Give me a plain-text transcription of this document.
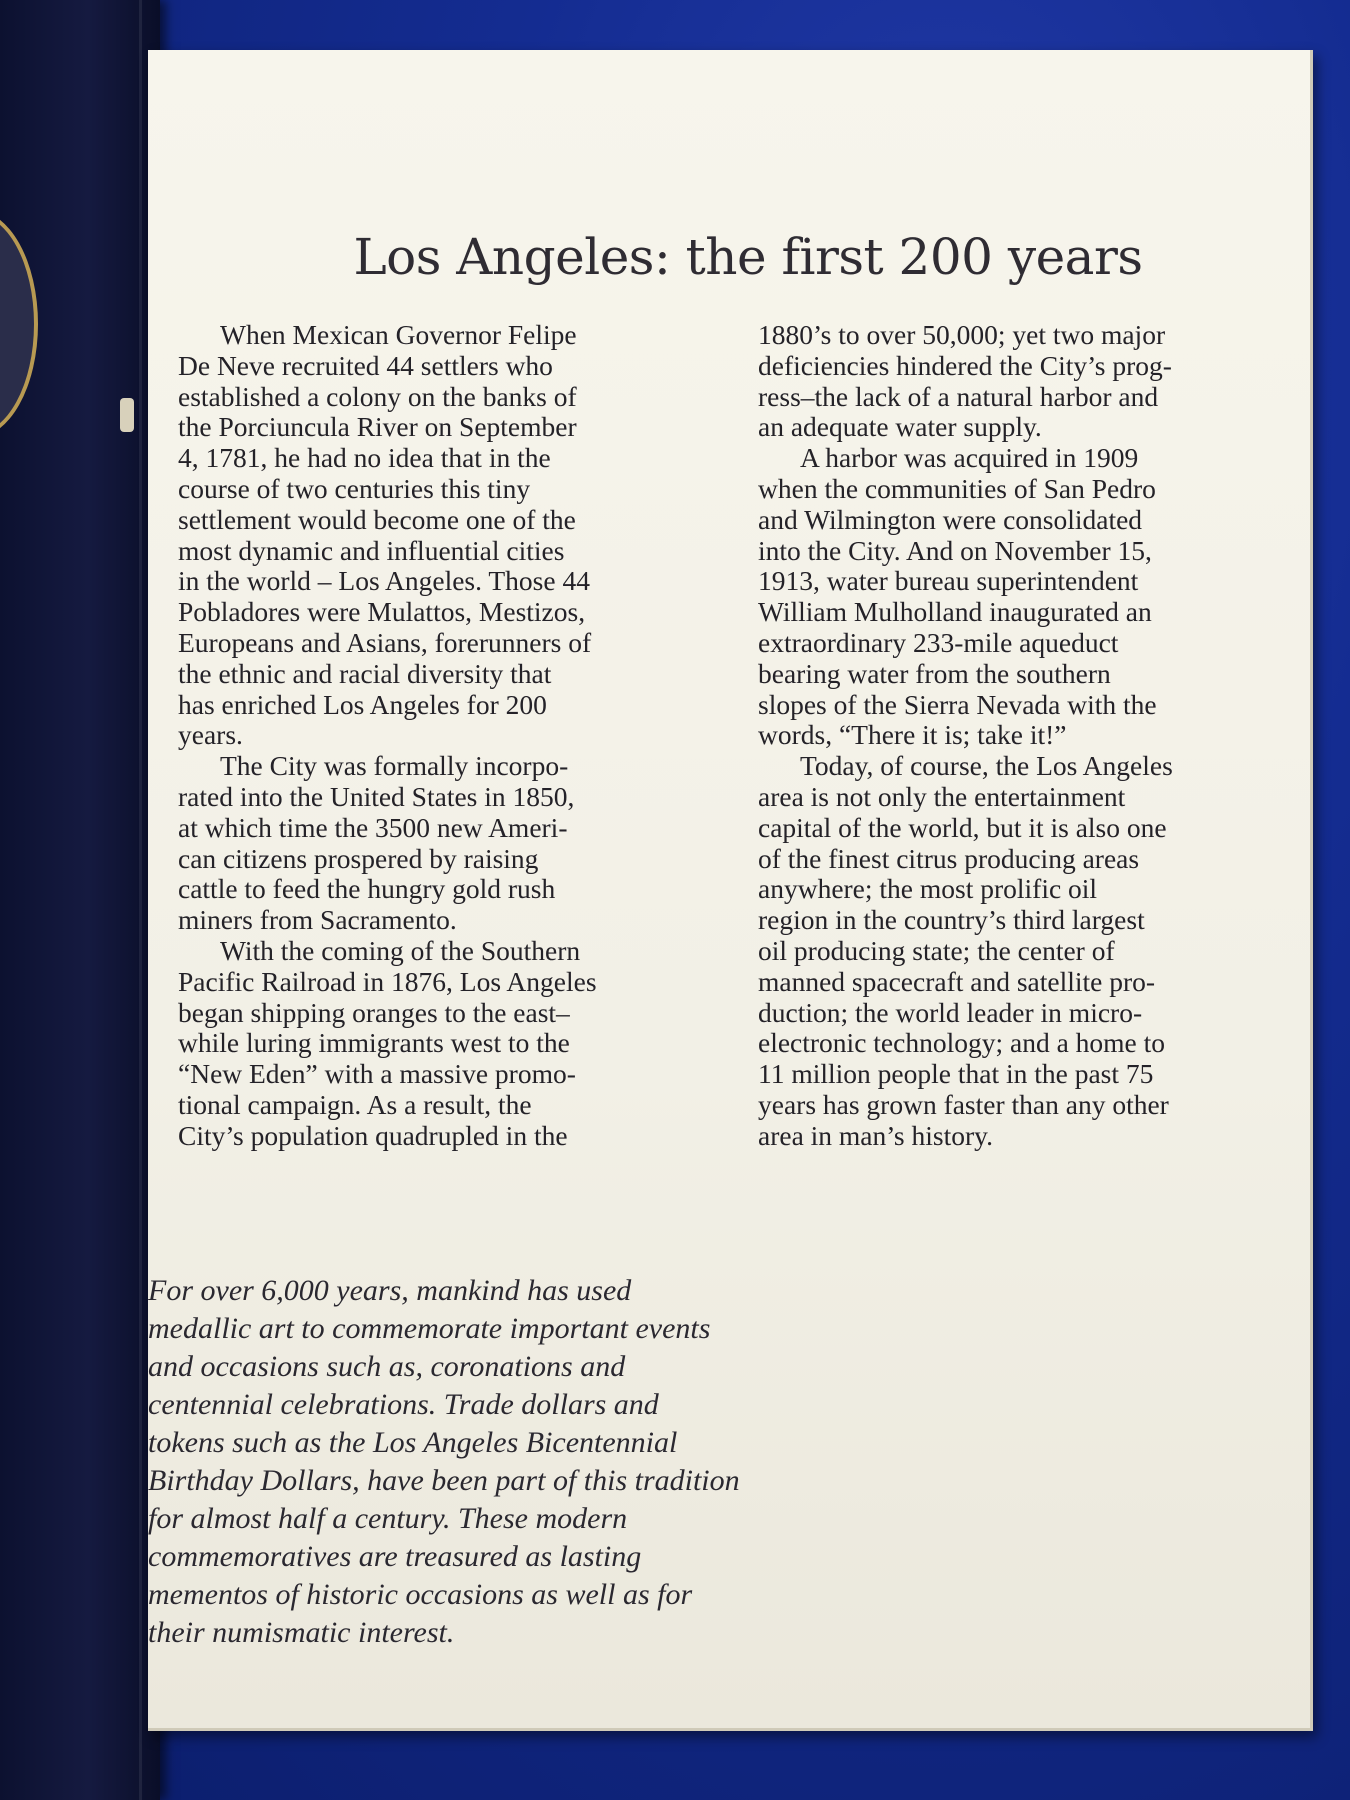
Los Angeles: the first 200 years

When Mexican Governor Felipe
De Neve recruited 44 settlers who
established a colony on the banks of
the Porciuncula River on September
4, 1781, he had no idea that in the
course of two centuries this tiny
settlement would become one of the
most dynamic and influential cities
in the world – Los Angeles. Those 44
Pobladores were Mulattos, Mestizos,
Europeans and Asians, forerunners of
the ethnic and racial diversity that
has enriched Los Angeles for 200
years.

The City was formally incorpo-
rated into the United States in 1850,
at which time the 3500 new Ameri-
can citizens prospered by raising
cattle to feed the hungry gold rush
miners from Sacramento.

With the coming of the Southern
Pacific Railroad in 1876, Los Angeles
began shipping oranges to the east–
while luring immigrants west to the
“New Eden” with a massive promo-
tional campaign. As a result, the
City’s population quadrupled in the

1880’s to over 50,000; yet two major
deficiencies hindered the City’s prog-
ress–the lack of a natural harbor and
an adequate water supply.

A harbor was acquired in 1909
when the communities of San Pedro
and Wilmington were consolidated
into the City. And on November 15,
1913, water bureau superintendent
William Mulholland inaugurated an
extraordinary 233-mile aqueduct
bearing water from the southern
slopes of the Sierra Nevada with the
words, “There it is; take it!”

Today, of course, the Los Angeles
area is not only the entertainment
capital of the world, but it is also one
of the finest citrus producing areas
anywhere; the most prolific oil
region in the country’s third largest
oil producing state; the center of
manned spacecraft and satellite pro-
duction; the world leader in micro-
electronic technology; and a home to
11 million people that in the past 75
years has grown faster than any other
area in man’s history.

For over 6,000 years, mankind has used
medallic art to commemorate important events
and occasions such as, coronations and
centennial celebrations. Trade dollars and
tokens such as the Los Angeles Bicentennial
Birthday Dollars, have been part of this tradition
for almost half a century. These modern
commemoratives are treasured as lasting
mementos of historic occasions as well as for
their numismatic interest.
